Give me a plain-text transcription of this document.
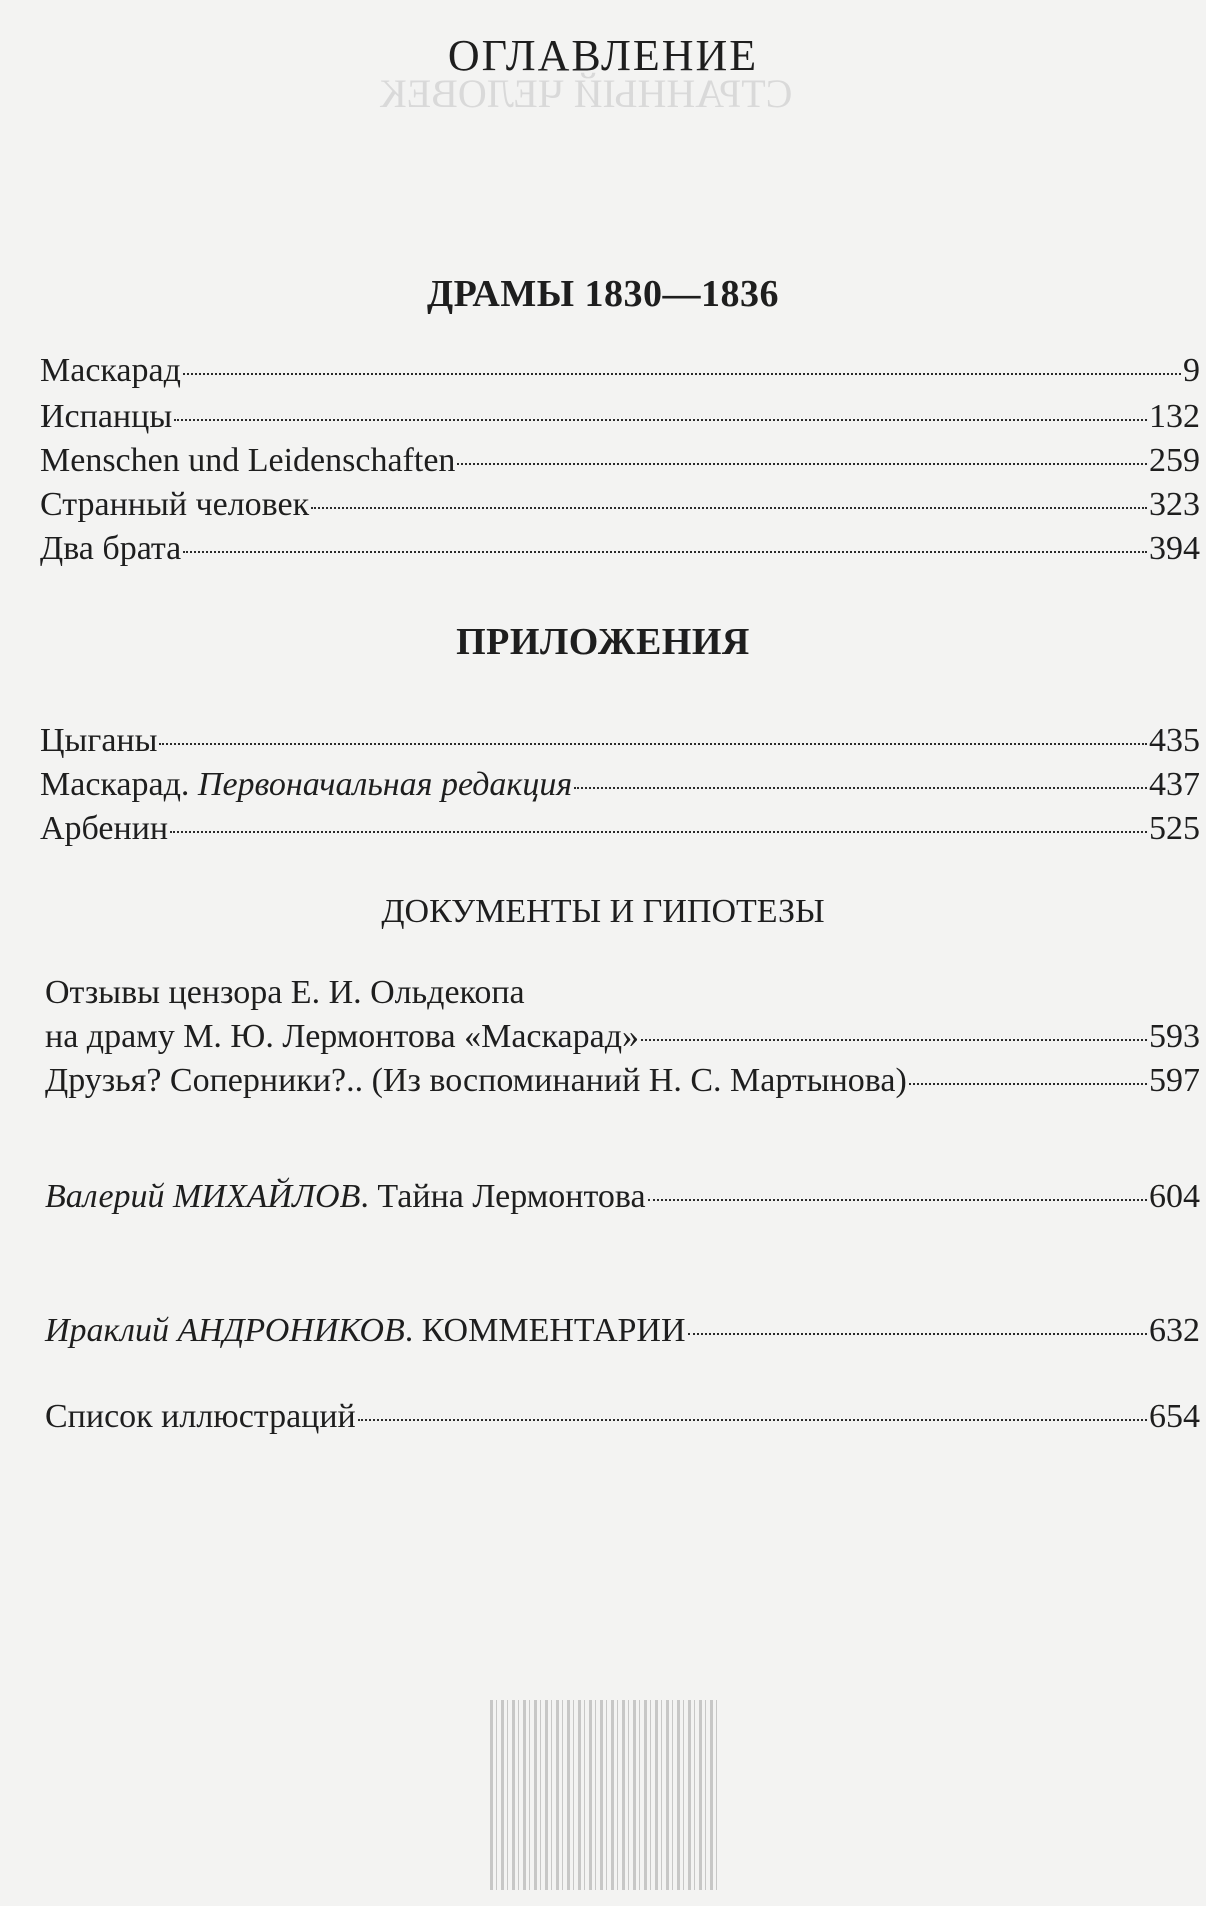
ОГЛАВЛЕНИЕ
СТРАННЫЙ ЧЕЛОВЕК
ДРАМЫ 1830—1836
Маскарад	9
Испанцы	132
Menschen und Leidenschaften	259
Странный человек	323
Два брата	394
ПРИЛОЖЕНИЯ
Цыганы	435
Маскарад. Первоначальная редакция	437
Арбенин	525
ДОКУМЕНТЫ И ГИПОТЕЗЫ
Отзывы цензора Е. И. Ольдекопа
на драму М. Ю. Лермонтова «Маскарад»	593
Друзья? Соперники?.. (Из воспоминаний Н. С. Мартынова)	597
Валерий МИХАЙЛОВ. Тайна Лермонтова	604
Ираклий АНДРОНИКОВ. КОММЕНТАРИИ	632
Список иллюстраций	654
